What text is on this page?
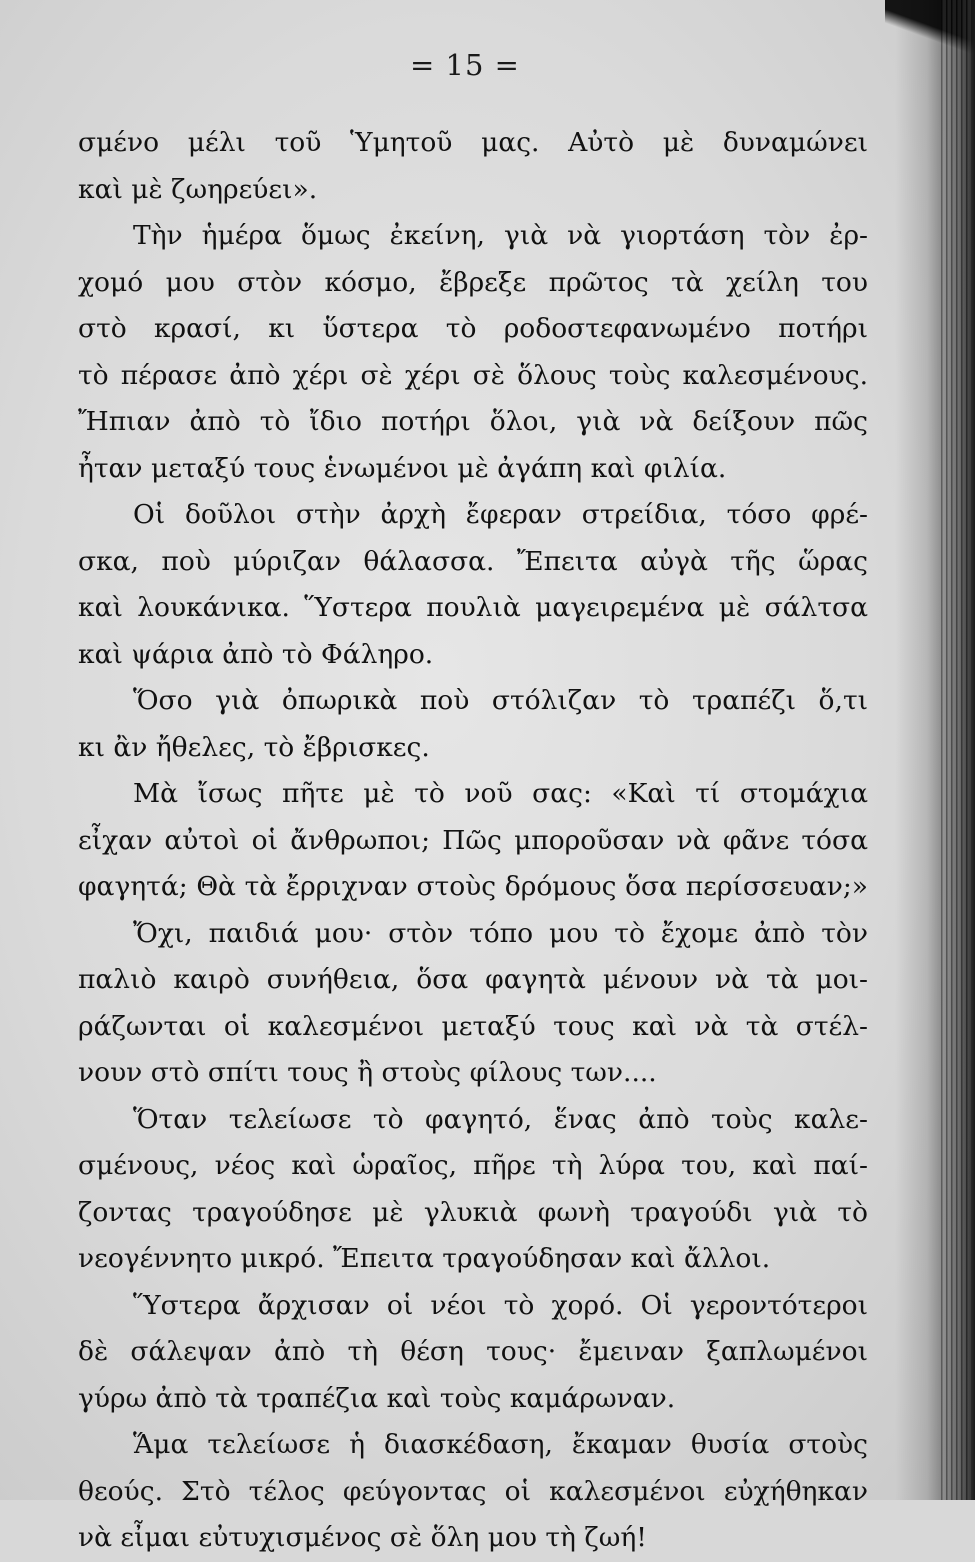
= 15 =
σμένο μέλι τοῦ Ὑμητοῦ μας. Αὐτὸ μὲ δυναμώνει
καὶ μὲ ζωηρεύει».
Τὴν ἡμέρα ὅμως ἐκείνη, γιὰ νὰ γιορτάση τὸν ἐρ-
χομό μου στὸν κόσμο, ἔβρεξε πρῶτος τὰ χείλη του
στὸ κρασί, κι ὕστερα τὸ ροδοστεφανωμένο ποτήρι
τὸ πέρασε ἀπὸ χέρι σὲ χέρι σὲ ὅλους τοὺς καλεσμένους.
Ἤπιαν ἀπὸ τὸ ἴδιο ποτήρι ὅλοι, γιὰ νὰ δείξουν πῶς
ἦταν μεταξύ τους ἑνωμένοι μὲ ἀγάπη καὶ φιλία.
Οἱ δοῦλοι στὴν ἀρχὴ ἔφεραν στρείδια, τόσο φρέ-
σκα, ποὺ μύριζαν θάλασσα. Ἔπειτα αὐγὰ τῆς ὥρας
καὶ λουκάνικα. Ὕστερα πουλιὰ μαγειρεμένα μὲ σάλτσα
καὶ ψάρια ἀπὸ τὸ Φάληρο.
Ὅσο γιὰ ὀπωρικὰ ποὺ στόλιζαν τὸ τραπέζι ὅ,τι
κι ἂν ἤθελες, τὸ ἔβρισκες.
Μὰ ἴσως πῆτε μὲ τὸ νοῦ σας: «Καὶ τί στομάχια
εἶχαν αὐτοὶ οἱ ἄνθρωποι; Πῶς μποροῦσαν νὰ φᾶνε τόσα
φαγητά; Θὰ τὰ ἔρριχναν στοὺς δρόμους ὅσα περίσσευαν;»
Ὄχι, παιδιά μου· στὸν τόπο μου τὸ ἔχομε ἀπὸ τὸν
παλιὸ καιρὸ συνήθεια, ὅσα φαγητὰ μένουν νὰ τὰ μοι-
ράζωνται οἱ καλεσμένοι μεταξύ τους καὶ νὰ τὰ στέλ-
νουν στὸ σπίτι τους ἢ στοὺς φίλους των....
Ὅταν τελείωσε τὸ φαγητό, ἕνας ἀπὸ τοὺς καλε-
σμένους, νέος καὶ ὡραῖος, πῆρε τὴ λύρα του, καὶ παί-
ζοντας τραγούδησε μὲ γλυκιὰ φωνὴ τραγούδι γιὰ τὸ
νεογέννητο μικρό. Ἔπειτα τραγούδησαν καὶ ἄλλοι.
Ὕστερα ἄρχισαν οἱ νέοι τὸ χορό. Οἱ γεροντότεροι
δὲ σάλεψαν ἀπὸ τὴ θέση τους· ἔμειναν ξαπλωμένοι
γύρω ἀπὸ τὰ τραπέζια καὶ τοὺς καμάρωναν.
Ἅμα τελείωσε ἡ διασκέδαση, ἔκαμαν θυσία στοὺς
θεούς. Στὸ τέλος φεύγοντας οἱ καλεσμένοι εὐχήθηκαν
νὰ εἶμαι εὐτυχισμένος σὲ ὅλη μου τὴ ζωή!
